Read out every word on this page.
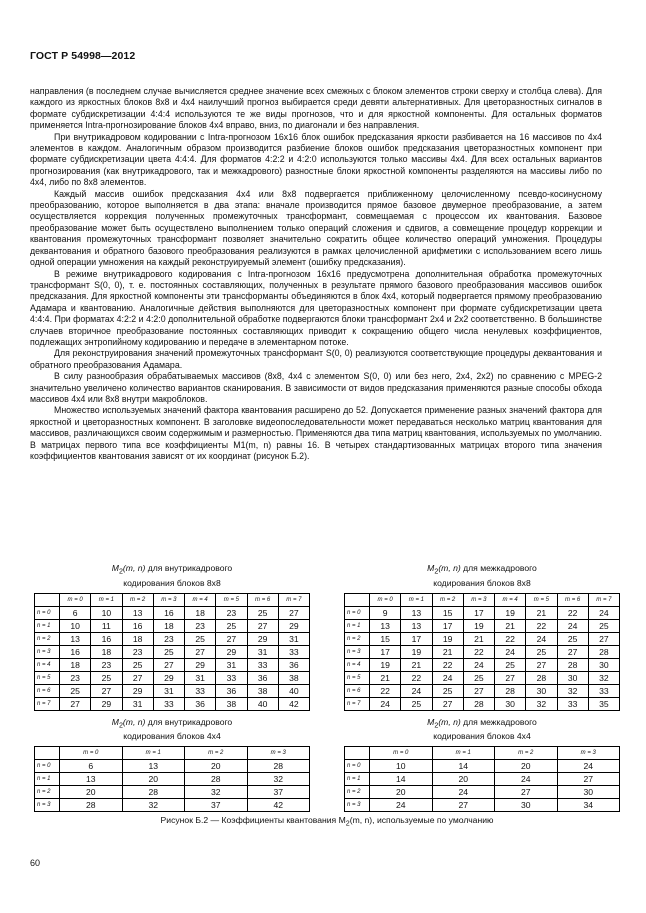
ГОСТ Р 54998—2012

направления (в последнем случае вычисляется среднее значение всех смежных с блоком элементов строки сверху и столбца слева). Для каждого из яркостных блоков 8x8 и 4x4 наилучший прогноз выбирается среди девяти альтернативных. Для цветоразностных сигналов в формате субдискретизации 4:4:4 используются те же виды прогнозов, что и для яркостной компоненты. Для остальных форматов применяется Intra-прогнозирование блоков 4x4 вправо, вниз, по диагонали и без направления.

При внутрикадровом кодировании с Intra-прогнозом 16x16 блок ошибок предсказания яркости разбивается на 16 массивов по 4x4 элементов в каждом. Аналогичным образом производится разбиение блоков ошибок предсказания цветоразностных компонент при формате субдискретизации цвета 4:4:4. Для форматов 4:2:2 и 4:2:0 используются только массивы 4x4. Для всех остальных вариантов прогнозирования (как внутрикадрового, так и межкадрового) разностные блоки яркостной компоненты разделяются на массивы либо по 4x4, либо по 8x8 элементов.

Каждый массив ошибок предсказания 4x4 или 8x8 подвергается приближенному целочисленному псевдо-косинусному преобразованию, которое выполняется в два этапа: вначале производится прямое базовое двумерное преобразование, а затем осуществляется коррекция полученных промежуточных трансформант, совмещаемая с процессом их квантования. Базовое преобразование может быть осуществлено выполнением только операций сложения и сдвигов, а совмещение процедур коррекции и квантования промежуточных трансформант позволяет значительно сократить общее количество операций умножения. Процедуры деквантования и обратного базового преобразования реализуются в рамках целочисленной арифметики с использованием всего лишь одной операции умножения на каждый реконструируемый элемент (ошибку предсказания).

В режиме внутрикадрового кодирования с Intra-прогнозом 16x16 предусмотрена дополнительная обработка промежуточных трансформант S(0, 0), т. е. постоянных составляющих, полученных в результате прямого базового преобразования массивов ошибок предсказания. Для яркостной компоненты эти трансформанты объединяются в блок 4x4, который подвергается прямому преобразованию Адамара и квантованию. Аналогичные действия выполняются для цветоразностных компонент при формате субдискретизации цвета 4:4:4. При форматах 4:2:2 и 4:2:0 дополнительной обработке подвергаются блоки трансформант 2x4 и 2x2 соответственно. В большинстве случаев вторичное преобразование постоянных составляющих приводит к сокращению общего числа ненулевых коэффициентов, подлежащих энтропийному кодированию и передаче в элементарном потоке.

Для реконструирования значений промежуточных трансформант S(0, 0) реализуются соответствующие процедуры деквантования и обратного преобразования Адамара.

В силу разнообразия обрабатываемых массивов (8x8, 4x4 с элементом S(0, 0) или без него, 2x4, 2x2) по сравнению с MPEG-2 значительно увеличено количество вариантов сканирования. В зависимости от видов предсказания применяются разные способы обхода массивов 4x4 или 8x8 внутри макроблоков.

Множество используемых значений фактора квантования расширено до 52. Допускается применение разных значений фактора для яркостной и цветоразностных компонент. В заголовке видеопоследовательности может передаваться несколько матриц квантования для массивов, различающихся своим содержимым и размерностью. Применяются два типа матриц квантования, используемых по умолчанию. В матрицах первого типа все коэффициенты M1(m, n) равны 16. В четырех стандартизованных матрицах второго типа значения коэффициентов квантования зависят от их координат (рисунок Б.2).

$M_2(m$, n) для внутрикадрового
кодирования блоков 8x8
	m = 0	m = 1	m = 2	m = 3	m = 4	m = 5	m = 6	m = 7
n = 0	6	10	13	16	18	23	25	27
n = 1	10	11	16	18	23	25	27	29
n = 2	13	16	18	23	25	27	29	31
n = 3	16	18	23	25	27	29	31	33
n = 4	18	23	25	27	29	31	33	36
n = 5	23	25	27	29	31	33	36	38
n = 6	25	27	29	31	33	36	38	40
n = 7	27	29	31	33	36	38	40	42
$M_2(m$, n) для межкадрового
кодирования блоков 8x8
	m = 0	m = 1	m = 2	m = 3	m = 4	m = 5	m = 6	m = 7
n = 0	9	13	15	17	19	21	22	24
n = 1	13	13	17	19	21	22	24	25
n = 2	15	17	19	21	22	24	25	27
n = 3	17	19	21	22	24	25	27	28
n = 4	19	21	22	24	25	27	28	30
n = 5	21	22	24	25	27	28	30	32
n = 6	22	24	25	27	28	30	32	33
n = 7	24	25	27	28	30	32	33	35
$M_2(m$, n) для внутрикадрового
кодирования блоков 4x4
	m = 0	m = 1	m = 2	m = 3
n = 0	6	13	20	28
n = 1	13	20	28	32
n = 2	20	28	32	37
n = 3	28	32	37	42
$M_2(m$, n) для межкадрового
кодирования блоков 4x4
	m = 0	m = 1	m = 2	m = 3
n = 0	10	14	20	24
n = 1	14	20	24	27
n = 2	20	24	27	30
n = 3	24	27	30	34
Рисунок Б.2 — Коэффициенты квантования $M_2(m$, n), используемые по умолчанию
60
